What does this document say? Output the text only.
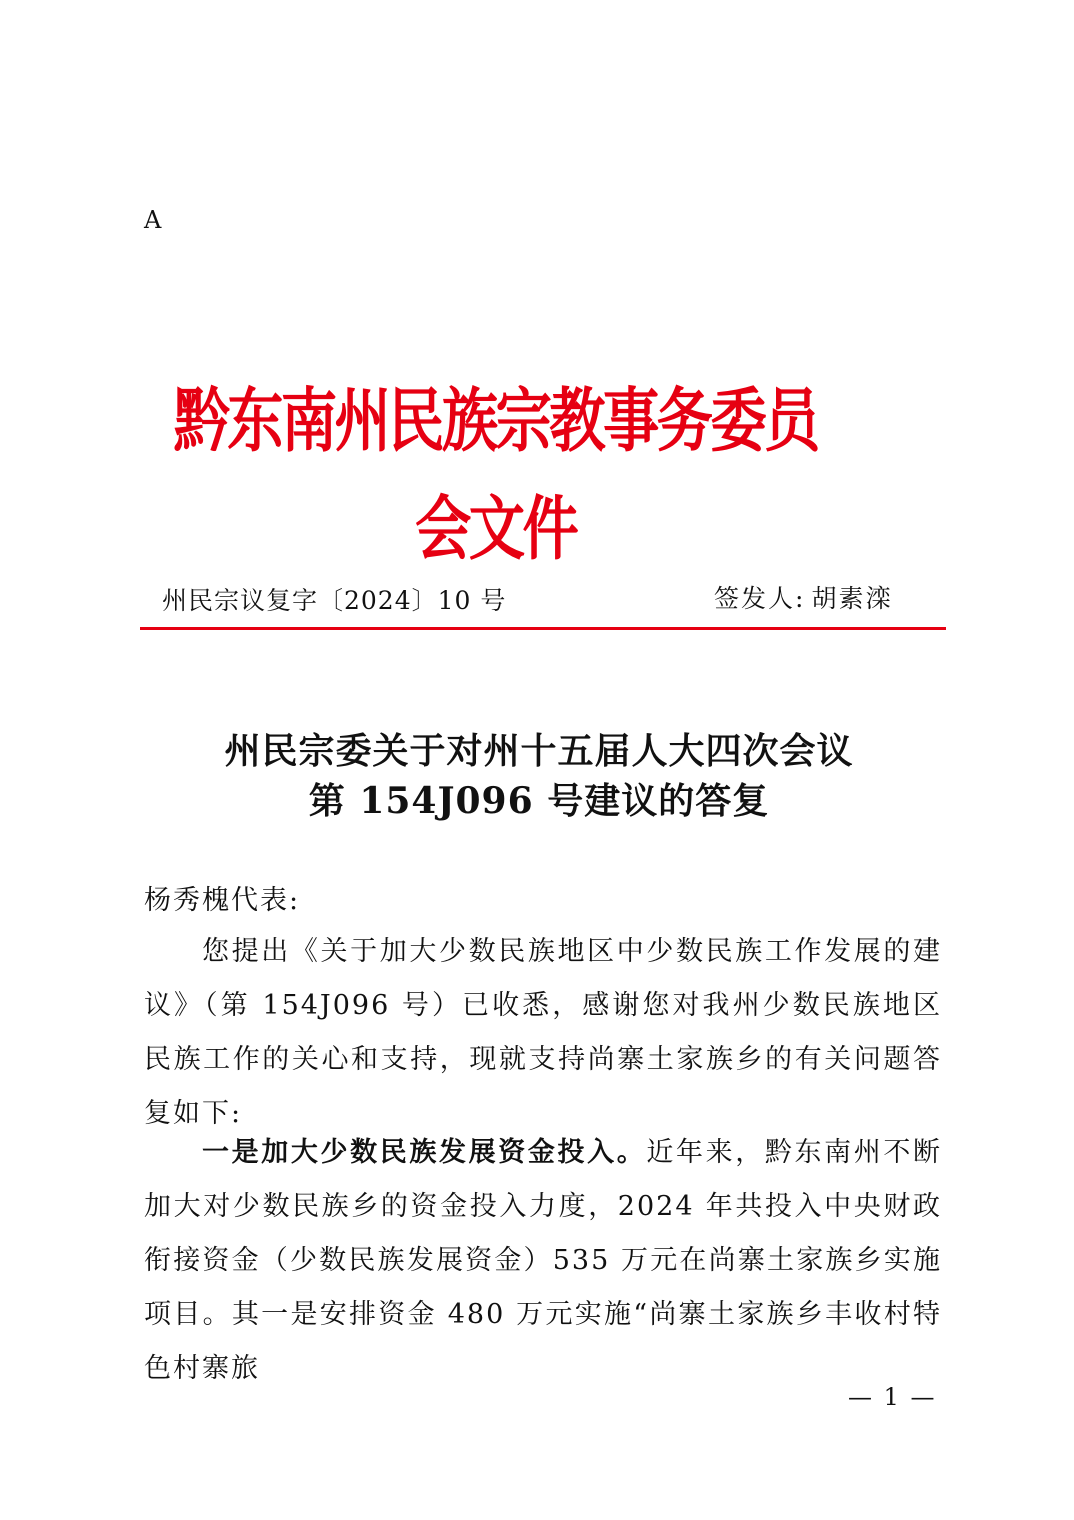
A
黔东南州民族宗教事务委员会文件
州民宗议复字〔2024〕10 号	签发人: 胡素滦
州民宗委关于对州十五届人大四次会议
第 154J096 号建议的答复
杨秀槐代表:
您提出《关于加大少数民族地区中少数民族工作发展的建议》（第 154J096 号）已收悉，感谢您对我州少数民族地区民族工作的关心和支持，现就支持尚寨土家族乡的有关问题答复如下:
一是加大少数民族发展资金投入。近年来，黔东南州不断加大对少数民族乡的资金投入力度，2024 年共投入中央财政衔接资金（少数民族发展资金）535 万元在尚寨土家族乡实施项目。其一是安排资金 480 万元实施“尚寨土家族乡丰收村特色村寨旅
— 1 —
